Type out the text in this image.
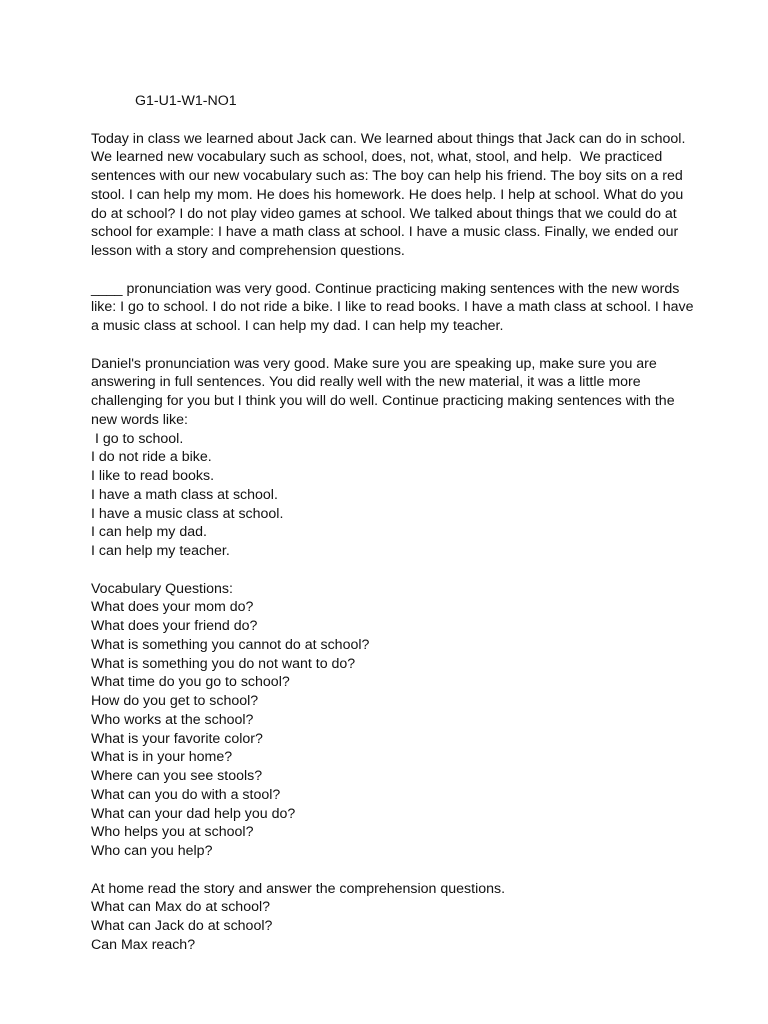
G1-U1-W1-NO1
Today in class we learned about Jack can. We learned about things that Jack can do in school.
We learned new vocabulary such as school, does, not, what, stool, and help.  We practiced
sentences with our new vocabulary such as: The boy can help his friend. The boy sits on a red
stool. I can help my mom. He does his homework. He does help. I help at school. What do you
do at school? I do not play video games at school. We talked about things that we could do at
school for example: I have a math class at school. I have a music class. Finally, we ended our
lesson with a story and comprehension questions.
____ pronunciation was very good. Continue practicing making sentences with the new words
like: I go to school. I do not ride a bike. I like to read books. I have a math class at school. I have
a music class at school. I can help my dad. I can help my teacher.
Daniel's pronunciation was very good. Make sure you are speaking up, make sure you are
answering in full sentences. You did really well with the new material, it was a little more
challenging for you but I think you will do well. Continue practicing making sentences with the
new words like:
I go to school.
I do not ride a bike.
I like to read books.
I have a math class at school.
I have a music class at school.
I can help my dad.
I can help my teacher.
Vocabulary Questions:
What does your mom do?
What does your friend do?
What is something you cannot do at school?
What is something you do not want to do?
What time do you go to school?
How do you get to school?
Who works at the school?
What is your favorite color?
What is in your home?
Where can you see stools?
What can you do with a stool?
What can your dad help you do?
Who helps you at school?
Who can you help?
At home read the story and answer the comprehension questions.
What can Max do at school?
What can Jack do at school?
Can Max reach?
